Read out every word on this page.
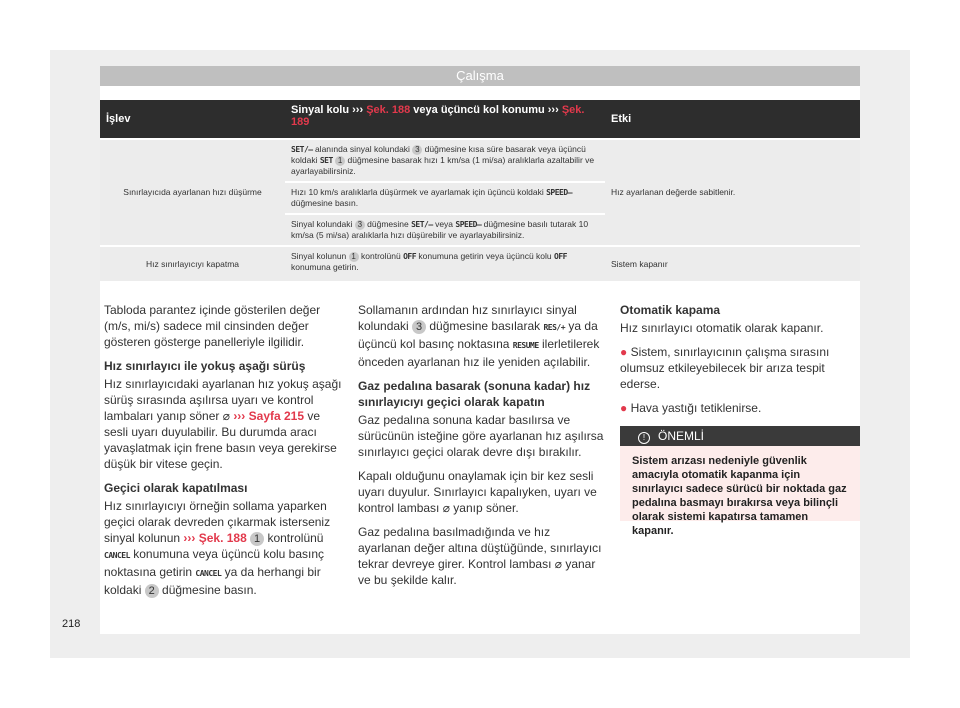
Çalışma
İşlev
Sinyal kolu ››› Şek. 188 veya üçüncü kol konumu ››› Şek. 189	Etki
Sınırlayıcıda ayarlanan hızı düşürme
SET/– alanında sinyal kolundaki 3 düğmesine kısa süre basarak veya üçüncü koldaki SET 1 düğmesine basarak hızı 1 km/sa (1 mi/sa) aralıklarla azaltabilir ve ayarlayabilirsiniz.
Hızı 10 km/s aralıklarla düşürmek ve ayarlamak için üçüncü koldaki SPEED– düğmesine basın.
Sinyal kolundaki 3 düğmesine SET/– veya SPEED– düğmesine basılı tutarak 10 km/sa (5 mi/sa) aralıklarla hızı düşürebilir ve ayarlayabilirsiniz.
Hız ayarlanan değerde sabitlenir.
Hız sınırlayıcıyı kapatma
Sinyal kolunun 1 kontrolünü OFF konumuna getirin veya üçüncü kolu OFF konumuna getirin.	Sistem kapanır

Tabloda parantez içinde gösterilen değer (m/s, mi/s) sadece mil cinsinden değer gösteren gösterge panelleriyle ilgilidir.

Hız sınırlayıcı ile yokuş aşağı sürüş

Hız sınırlayıcıdaki ayarlanan hız yokuş aşağı sürüş sırasında aşılırsa uyarı ve kontrol lambaları yanıp söner ⌀ ››› Sayfa 215 ve sesli uyarı duyulabilir. Bu durumda aracı yavaşlatmak için frene basın veya gerekirse düşük bir vitese geçin.

Geçici olarak kapatılması

Hız sınırlayıcıyı örneğin sollama yaparken geçici olarak devreden çıkarmak isterseniz sinyal kolunun ››› Şek. 188 1 kontrolünü CANCEL konumuna veya üçüncü kolu basınç noktasına getirin CANCEL ya da herhangi bir koldaki 2 düğmesine basın.

Sollamanın ardından hız sınırlayıcı sinyal kolundaki 3 düğmesine basılarak RES/+ ya da üçüncü kol basınç noktasına RESUME ilerletilerek önceden ayarlanan hız ile yeniden açılabilir.

Gaz pedalına basarak (sonuna kadar) hız sınırlayıcıyı geçici olarak kapatın

Gaz pedalına sonuna kadar basılırsa ve sürücünün isteğine göre ayarlanan hız aşılırsa sınırlayıcı geçici olarak devre dışı bırakılır.

Kapalı olduğunu onaylamak için bir kez sesli uyarı duyulur. Sınırlayıcı kapalıyken, uyarı ve kontrol lambası ⌀ yanıp söner.

Gaz pedalına basılmadığında ve hız ayarlanan değer altına düştüğünde, sınırlayıcı tekrar devreye girer. Kontrol lambası ⌀ yanar ve bu şekilde kalır.

Otomatik kapama

Hız sınırlayıcı otomatik olarak kapanır.

● Sistem, sınırlayıcının çalışma sırasını olumsuz etkileyebilecek bir arıza tespit ederse.

● Hava yastığı tetiklenirse.

! ÖNEMLİ
Sistem arızası nedeniyle güvenlik amacıyla otomatik kapanma için sınırlayıcı sadece sürücü bir noktada gaz pedalına basmayı bırakırsa veya bilinçli olarak sistemi kapatırsa tamamen kapanır.
218
